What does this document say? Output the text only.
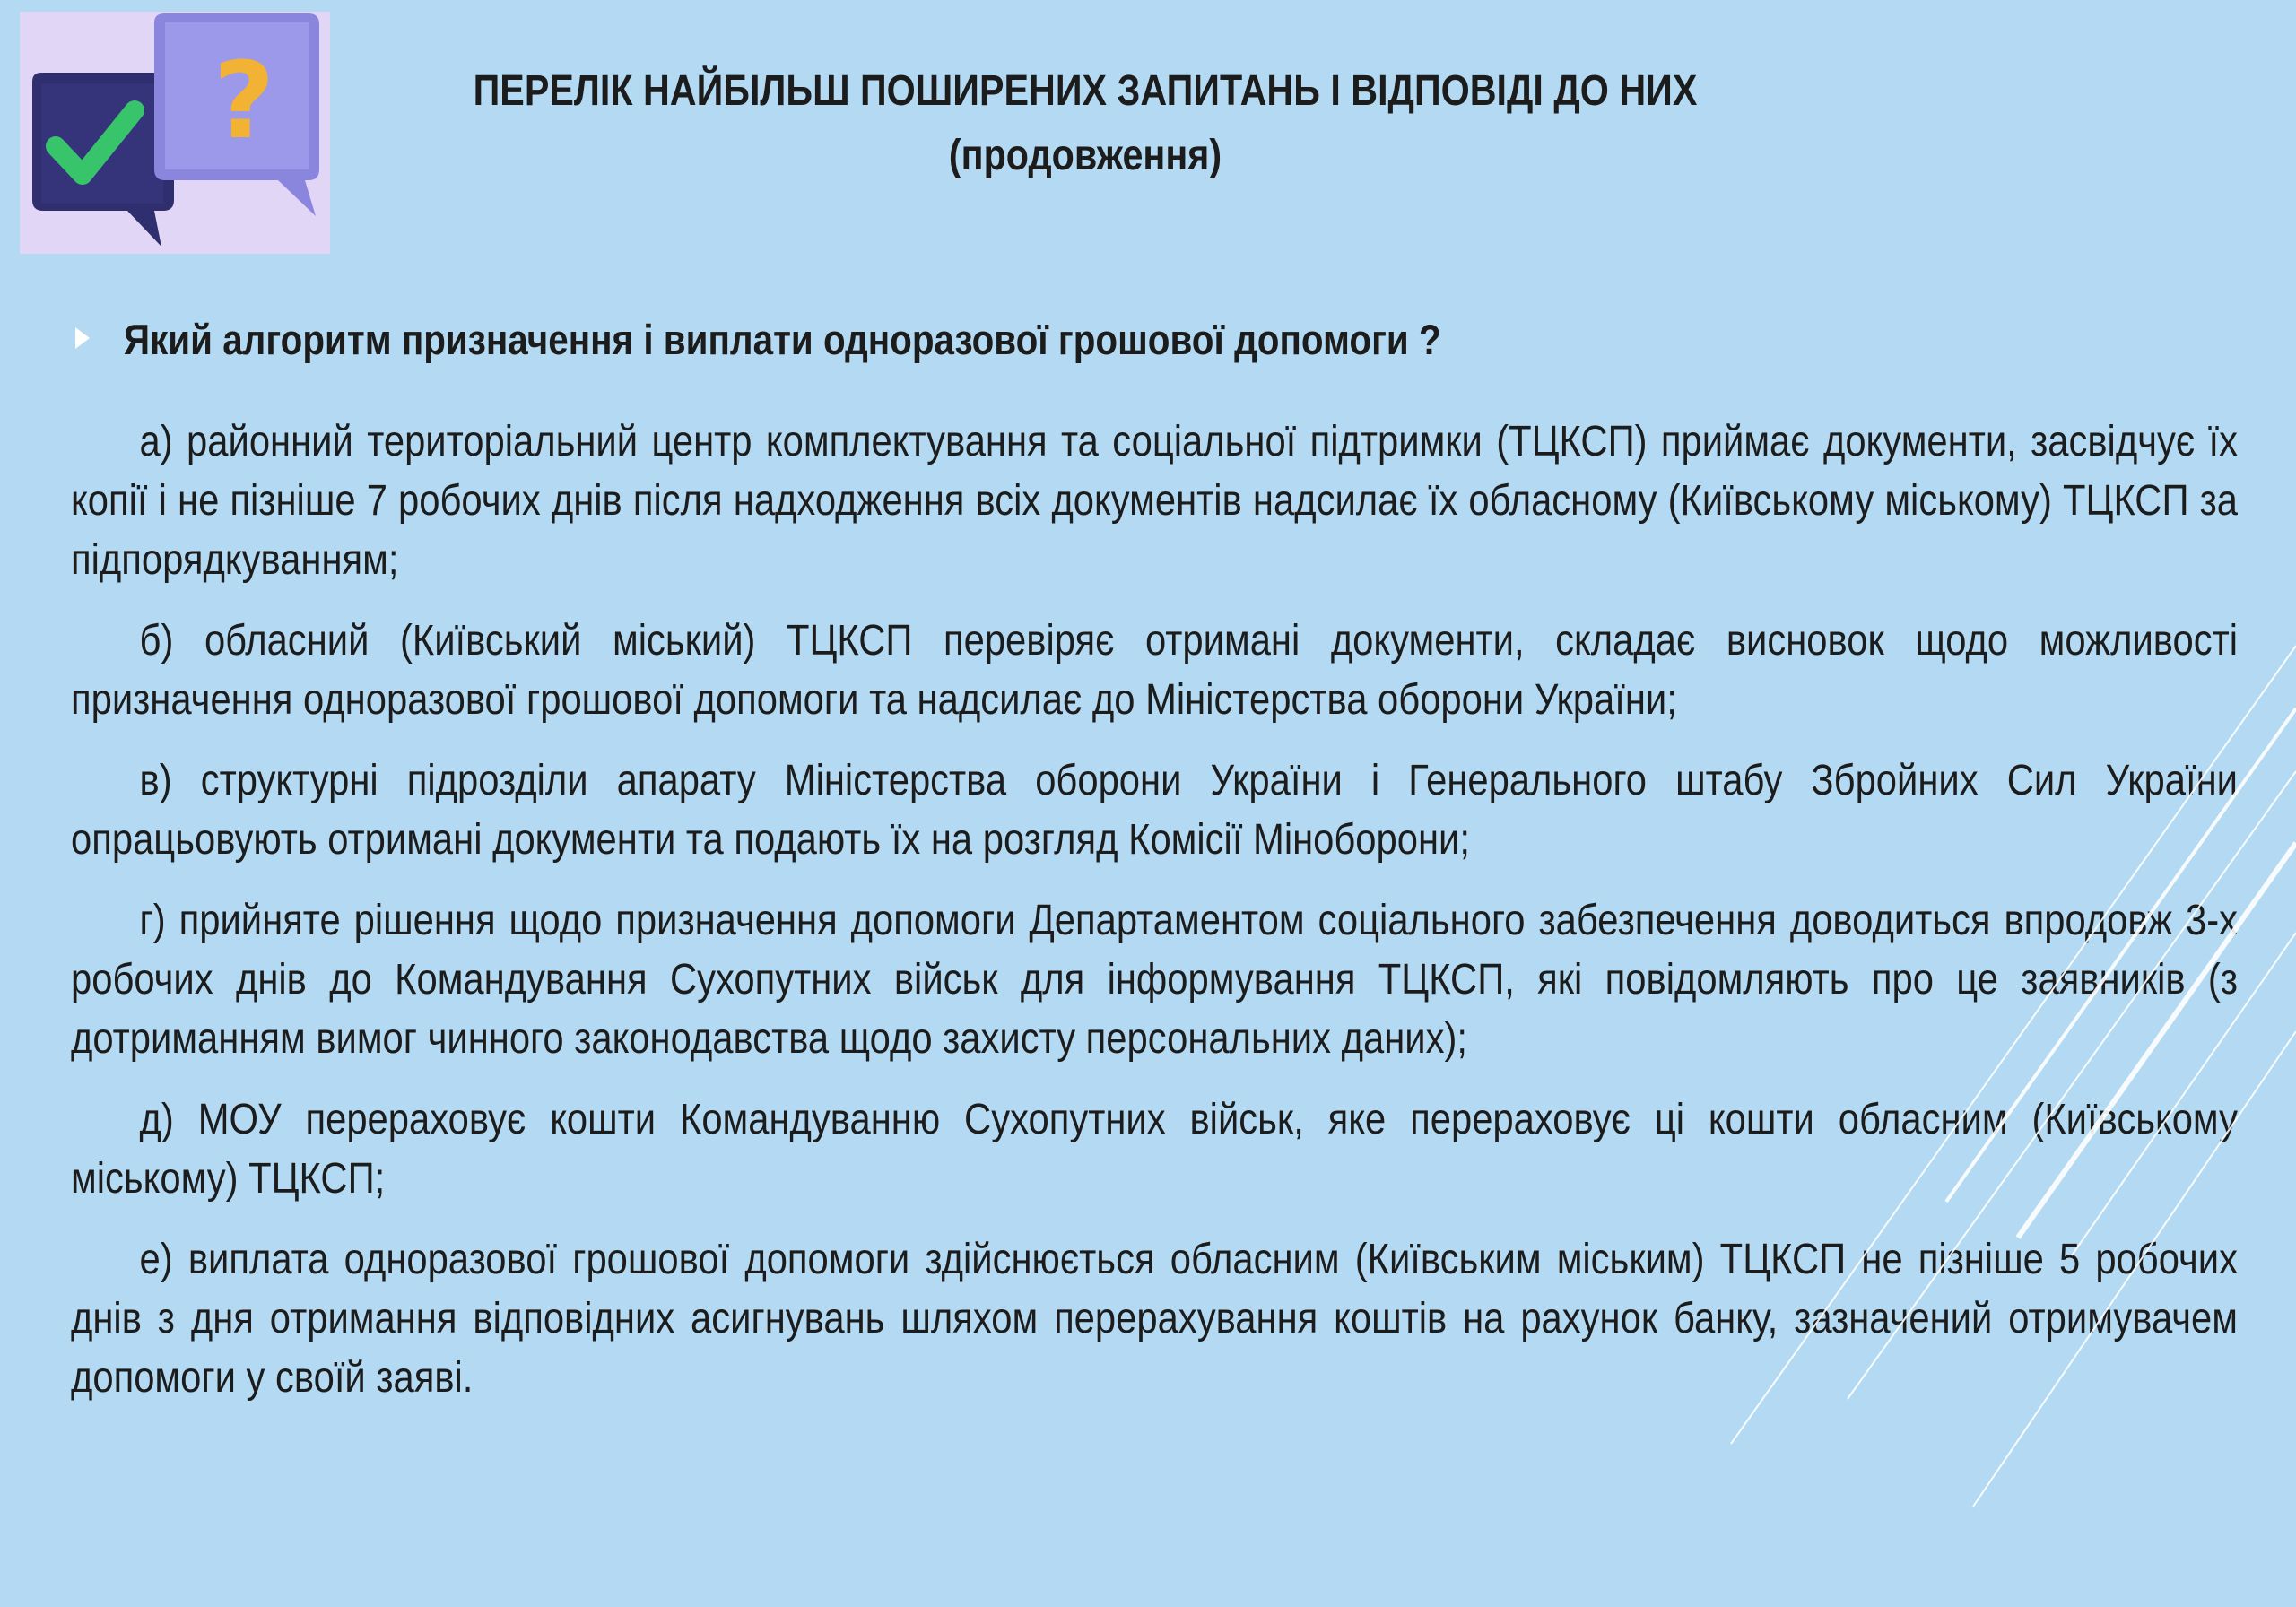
?	ПЕРЕЛІК НАЙБІЛЬШ ПОШИРЕНИХ ЗАПИТАНЬ І ВІДПОВІДІ ДО НИХ
(продовження)
Який алгоритм призначення і виплати одноразової грошової допомоги ?

а) районний територіальний центр комплектування та соціальної підтримки (ТЦКСП) приймає документи, засвідчує їх копії і не пізніше 7 робочих днів після надходження всіх документів надсилає їх обласному (Київському міському) ТЦКСП за підпорядкуванням;

б) обласний (Київський міський) ТЦКСП перевіряє отримані документи, складає висновок щодо можливості призначення одноразової грошової допомоги та надсилає до Міністерства оборони України;

в) структурні підрозділи апарату Міністерства оборони України і Генерального штабу Збройних Сил України опрацьовують отримані документи та подають їх на розгляд Комісії Міноборони;

г) прийняте рішення щодо призначення допомоги Департаментом соціального забезпечення доводиться впродовж 3-х робочих днів до Командування Сухопутних військ для інформування ТЦКСП, які повідомляють про це заявників (з дотриманням вимог чинного законодавства щодо захисту персональних даних);

д) МОУ перераховує кошти Командуванню Сухопутних військ, яке перераховує ці кошти обласним (Київському міському) ТЦКСП;

е) виплата одноразової грошової допомоги здійснюється обласним (Київським міським) ТЦКСП не пізніше 5 робочих днів з дня отримання відповідних асигнувань шляхом перерахування коштів на рахунок банку, зазначений отримувачем допомоги у своїй заяві.
